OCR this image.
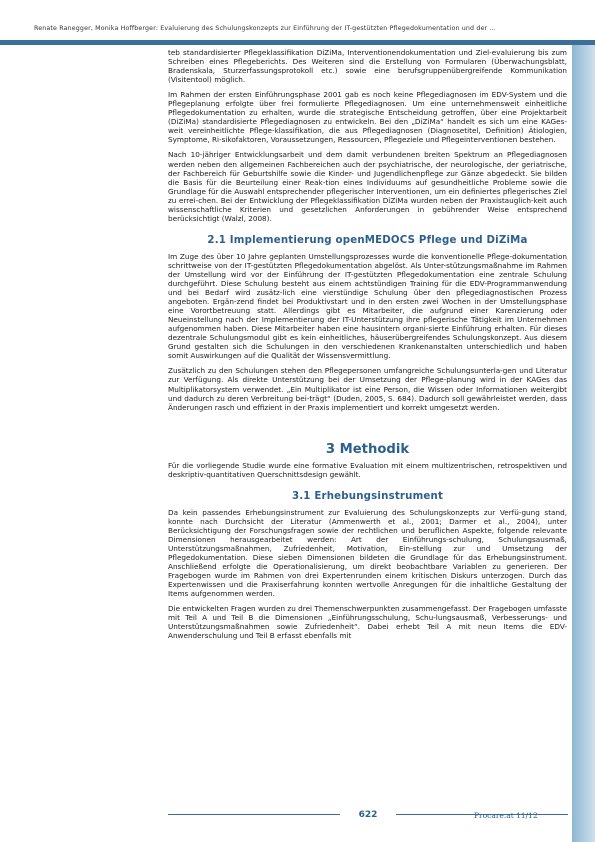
Renate Ranegger, Monika Hoffberger: Evaluierung des Schulungskonzepts zur Einführung der IT-gestützten Pflegedokumentation und der ...

teb standardisierter Pflegeklassifikation DiZiMa, Interventionendokumentation und Ziel-evaluierung bis zum Schreiben eines Pflegeberichts. Des Weiteren sind die Erstellung von Formularen (Überwachungsblatt, Bradenskala, Sturzerfassungsprotokoll etc.) sowie eine berufsgruppenübergreifende Kommunikation (Visitentool) möglich.

Im Rahmen der ersten Einführungsphase 2001 gab es noch keine Pflegediagnosen im EDV-System und die Pflegeplanung erfolgte über frei formulierte Pflegediagnosen. Um eine unternehmensweit einheitliche Pflegedokumentation zu erhalten, wurde die strategische Entscheidung getroffen, über eine Projektarbeit (DiZiMa) standardisierte Pflegediagnosen zu entwickeln. Bei den „DiZiMa“ handelt es sich um eine KAGes-weit vereinheitlichte Pflege-klassifikation, die aus Pflegediagnosen (Diagnosetitel, Definition) Ätiologien, Symptome, Ri-sikofaktoren, Voraussetzungen, Ressourcen, Pflegeziele und Pflegeinterventionen bestehen.

Nach 10-jähriger Entwicklungsarbeit und dem damit verbundenen breiten Spektrum an Pflegediagnosen werden neben den allgemeinen Fachbereichen auch der psychiatrische, der neurologische, der geriatrische, der Fachbereich für Geburtshilfe sowie die Kinder- und Jugendlichenpflege zur Gänze abgedeckt. Sie bilden die Basis für die Beurteilung einer Reak-tion eines Individuums auf gesundheitliche Probleme sowie die Grundlage für die Auswahl entsprechender pflegerischer Interventionen, um ein definiertes pflegerisches Ziel zu errei-chen. Bei der Entwicklung der Pflegeklassifikation DiZiMa wurden neben der Praxistauglich-keit auch wissenschaftliche Kriterien und gesetzlichen Anforderungen in gebührender Weise entsprechend berücksichtigt (Walzl, 2008).

2.1 Implementierung openMEDOCS Pflege und DiZiMa

Im Zuge des über 10 Jahre geplanten Umstellungsprozesses wurde die konventionelle Pflege-dokumentation schrittweise von der IT-gestützten Pflegedokumentation abgelöst. Als Unter-stützungsmaßnahme im Rahmen der Umstellung wird vor der Einführung der IT-gestützten Pflegedokumentation eine zentrale Schulung durchgeführt. Diese Schulung besteht aus einem achtstündigen Training für die EDV-Programmanwendung und bei Bedarf wird zusätz-lich eine vierstündige Schulung über den pflegediagnostischen Prozess angeboten. Ergän-zend findet bei Produktivstart und in den ersten zwei Wochen in der Umstellungsphase eine Vorortbetreuung statt. Allerdings gibt es Mitarbeiter, die aufgrund einer Karenzierung oder Neueinstellung nach der Implementierung der IT-Unterstützung ihre pflegerische Tätigkeit im Unternehmen aufgenommen haben. Diese Mitarbeiter haben eine hausintern organi-sierte Einführung erhalten. Für dieses dezentrale Schulungsmodul gibt es kein einheitliches, häuserübergreifendes Schulungskonzept. Aus diesem Grund gestalten sich die Schulungen in den verschiedenen Krankenanstalten unterschiedlich und haben somit Auswirkungen auf die Qualität der Wissensvermittlung.

Zusätzlich zu den Schulungen stehen den Pflegepersonen umfangreiche Schulungsunterla-gen und Literatur zur Verfügung. Als direkte Unterstützung bei der Umsetzung der Pflege-planung wird in der KAGes das Multiplikatorsystem verwendet. „Ein Multiplikator ist eine Person, die Wissen oder Informationen weitergibt und dadurch zu deren Verbreitung bei-trägt“ (Duden, 2005, S. 684). Dadurch soll gewährleistet werden, dass Änderungen rasch und effizient in der Praxis implementiert und korrekt umgesetzt werden.

3 Methodik

Für die vorliegende Studie wurde eine formative Evaluation mit einem multizentrischen, retrospektiven und deskriptiv-quantitativen Querschnittsdesign gewählt.

3.1 Erhebungsinstrument

Da kein passendes Erhebungsinstrument zur Evaluierung des Schulungskonzepts zur Verfü-gung stand, konnte nach Durchsicht der Literatur (Ammenwerth et al., 2001; Darmer et al., 2004), unter Berücksichtigung der Forschungsfragen sowie der rechtlichen und beruflichen Aspekte, folgende relevante Dimensionen herausgearbeitet werden: Art der Einführungs-schulung, Schulungsausmaß, Unterstützungsmaßnahmen, Zufriedenheit, Motivation, Ein-stellung zur und Umsetzung der Pflegedokumentation. Diese sieben Dimensionen bildeten die Grundlage für das Erhebungsinstrument. Anschließend erfolgte die Operationalisierung, um direkt beobachtbare Variablen zu generieren. Der Fragebogen wurde im Rahmen von drei Expertenrunden einem kritischen Diskurs unterzogen. Durch das Expertenwissen und die Praxiserfahrung konnten wertvolle Anregungen für die inhaltliche Gestaltung der Items aufgenommen werden.

Die entwickelten Fragen wurden zu drei Themenschwerpunkten zusammengefasst. Der Fragebogen umfasste mit Teil A und Teil B die Dimensionen „Einführungsschulung, Schu-lungsausmaß, Verbesserungs- und Unterstützungsmaßnahmen sowie Zufriedenheit“. Dabei erhebt Teil A mit neun Items die EDV-Anwenderschulung und Teil B erfasst ebenfalls mit

622	Procare.at 11/12
